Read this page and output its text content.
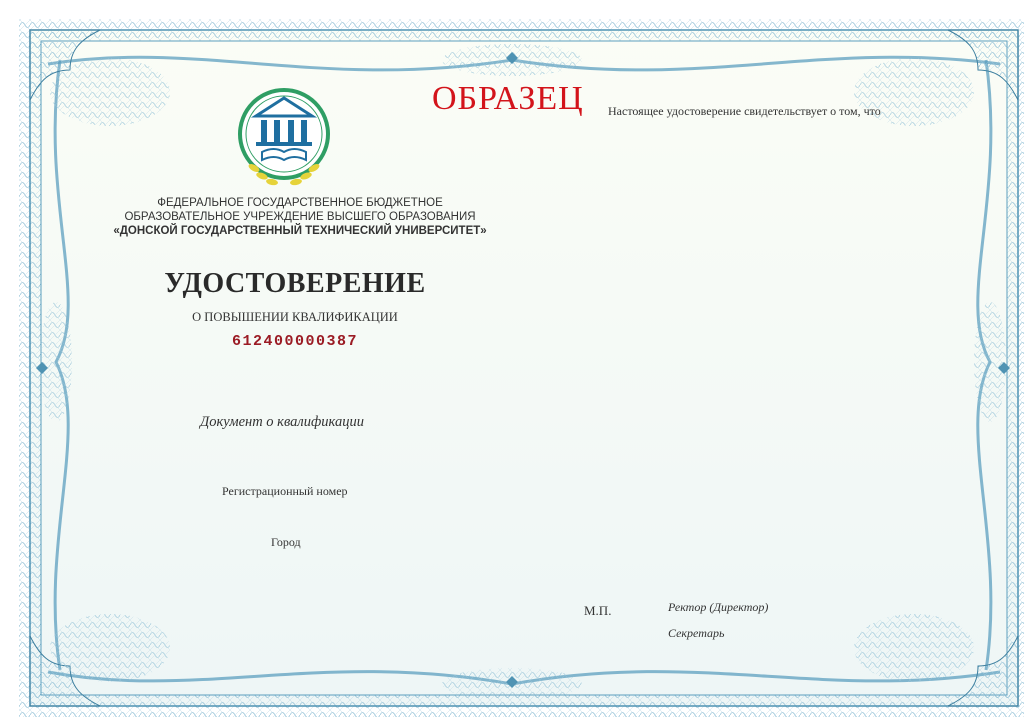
ОБРАЗЕЦ Настоящее удостоверение свидетельствует о том, что
ФЕДЕРАЛЬНОЕ ГОСУДАРСТВЕННОЕ БЮДЖЕТНОЕ
ОБРАЗОВАТЕЛЬНОЕ УЧРЕЖДЕНИЕ ВЫСШЕГО ОБРАЗОВАНИЯ
«ДОНСКОЙ ГОСУДАРСТВЕННЫЙ ТЕХНИЧЕСКИЙ УНИВЕРСИТЕТ»
УДОСТОВЕРЕНИЕ
О ПОВЫШЕНИИ КВАЛИФИКАЦИИ
612400000387
Документ о квалификации
Регистрационный номер
Город
М.П.	Ректор (Директор)
Секретарь
